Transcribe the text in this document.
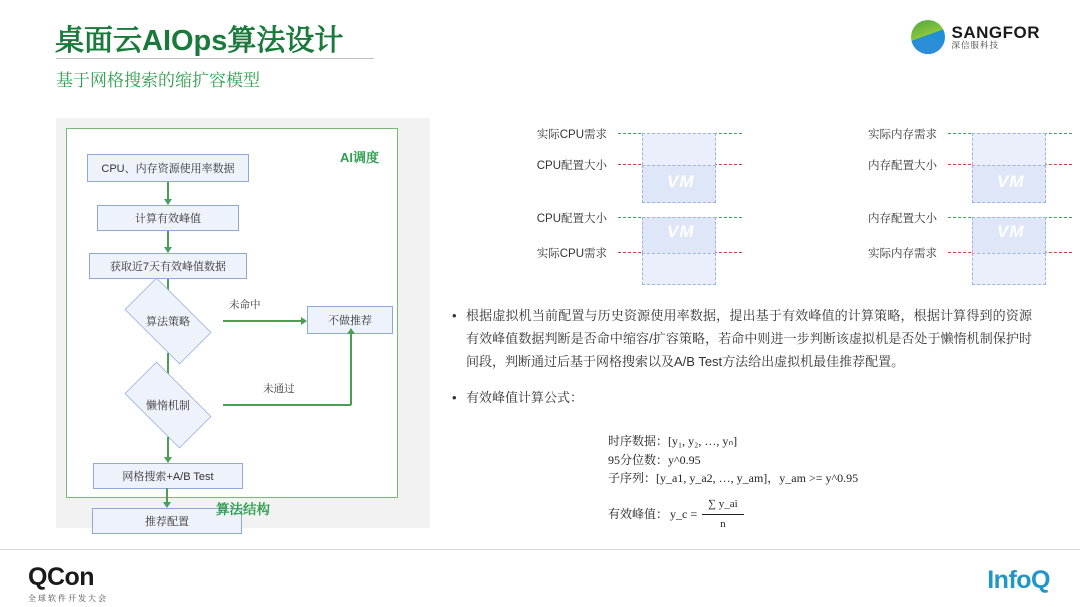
桌面云AIOps算法设计
基于网格搜索的缩扩容模型
SANGFOR
深信服科技
AI调度
CPU、内存资源使用率数据
计算有效峰值
获取近7天有效峰值数据
算法策略
未命中
不做推荐
懒惰机制
未通过
网格搜索+A/B Test
推荐配置
算法结构
实际CPU需求
CPU配置大小
VM
实际内存需求
内存配置大小
VM
CPU配置大小
实际CPU需求
VM
内存配置大小
实际内存需求
VM
• 根据虚拟机当前配置与历史资源使用率数据，提出基于有效峰值的计算策略，根据计算得到的资源有效峰值数据判断是否命中缩容/扩容策略，若命中则进一步判断该虚拟机是否处于懒惰机制保护时间段，判断通过后基于网格搜索以及A/B Test方法给出虚拟机最佳推荐配置。
• 有效峰值计算公式：
时序数据：[y₁, y₂, …, yₙ]
95分位数：y^0.95
子序列：[y_a1, y_a2, …, y_am]，y_am >= y^0.95
有效峰值： y_c = $\frac{\sum y\_ai}{n}$
QCon
全球软件开发大会
InfoQ
